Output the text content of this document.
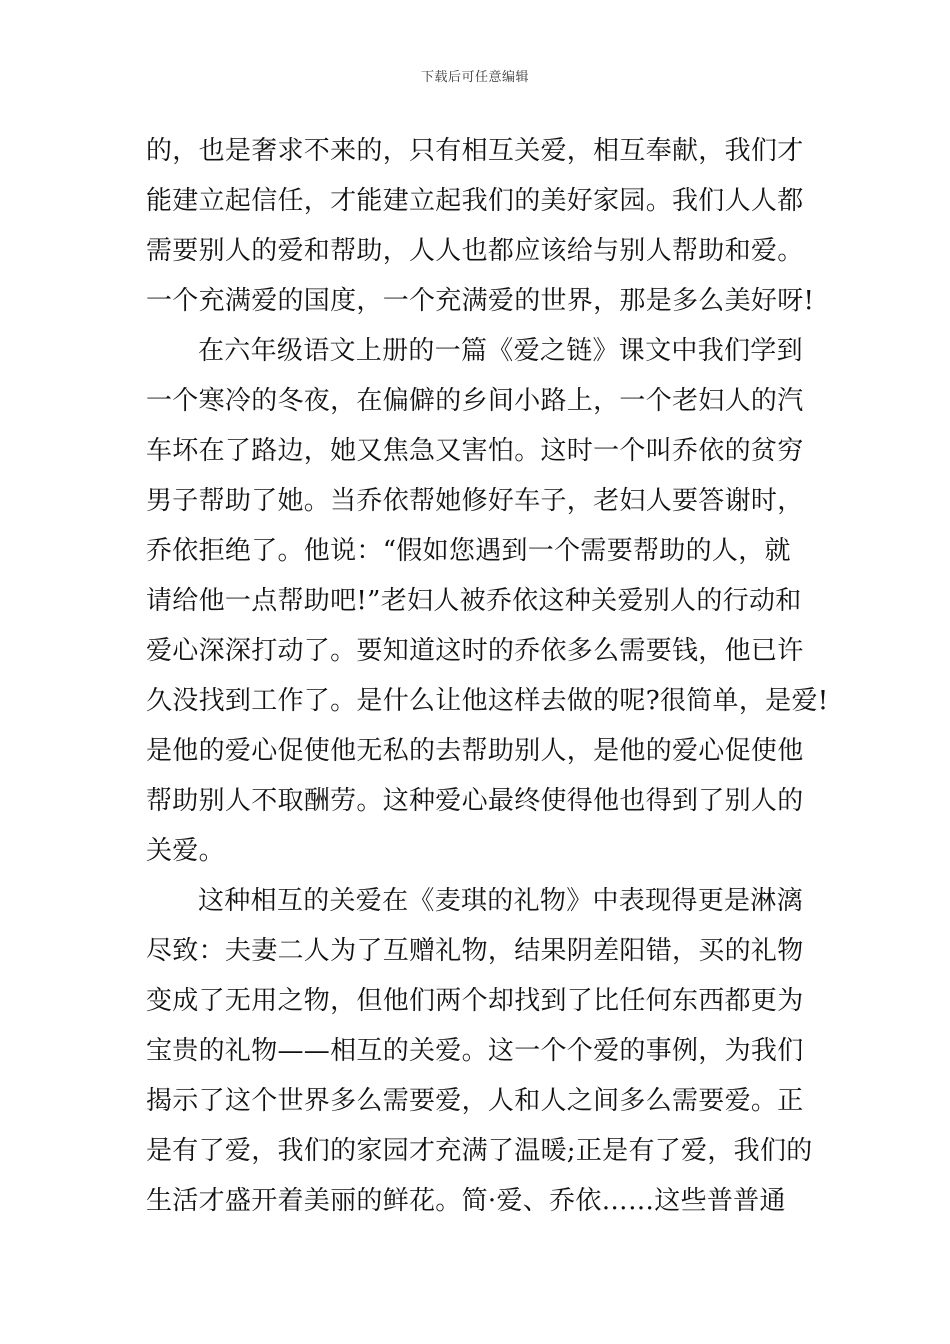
下载后可任意编辑
的，也是奢求不来的，只有相互关爱，相互奉献，我们才
能建立起信任，才能建立起我们的美好家园。我们人人都
需要别人的爱和帮助，人人也都应该给与别人帮助和爱。
一个充满爱的国度，一个充满爱的世界，那是多么美好呀!
在六年级语文上册的一篇《爱之链》课文中我们学到
一个寒冷的冬夜，在偏僻的乡间小路上，一个老妇人的汽
车坏在了路边，她又焦急又害怕。这时一个叫乔依的贫穷
男子帮助了她。当乔依帮她修好车子，老妇人要答谢时，
乔依拒绝了。他说：“假如您遇到一个需要帮助的人，就
请给他一点帮助吧!”老妇人被乔依这种关爱别人的行动和
爱心深深打动了。要知道这时的乔依多么需要钱，他已许
久没找到工作了。是什么让他这样去做的呢?很简单，是爱!
是他的爱心促使他无私的去帮助别人，是他的爱心促使他
帮助别人不取酬劳。这种爱心最终使得他也得到了别人的
关爱。
这种相互的关爱在《麦琪的礼物》中表现得更是淋漓
尽致：夫妻二人为了互赠礼物，结果阴差阳错，买的礼物
变成了无用之物，但他们两个却找到了比任何东西都更为
宝贵的礼物——相互的关爱。这一个个爱的事例，为我们
揭示了这个世界多么需要爱，人和人之间多么需要爱。正
是有了爱，我们的家园才充满了温暖;正是有了爱，我们的
生活才盛开着美丽的鲜花。简·爱、乔依……这些普普通
